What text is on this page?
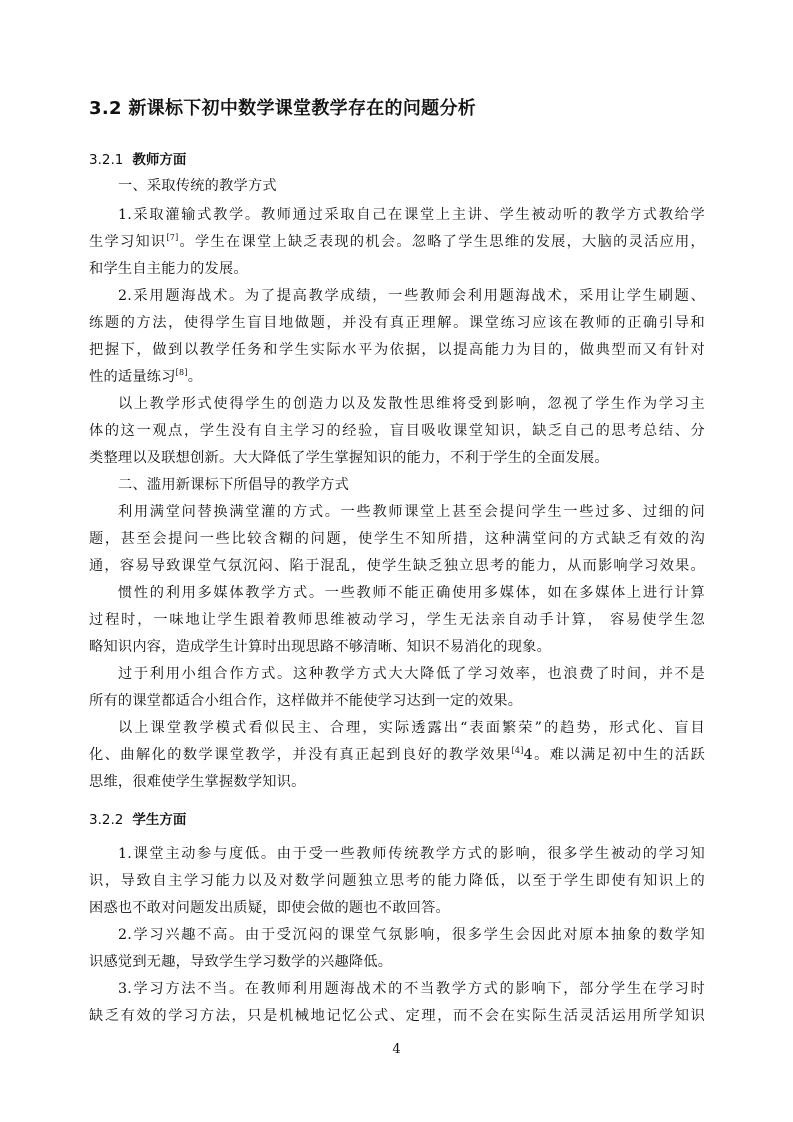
3.2 新课标下初中数学课堂教学存在的问题分析
3.2.1 教师方面
一、采取传统的教学方式
1.采取灌输式教学。教师通过采取自己在课堂上主讲、学生被动听的教学方式教给学
生学习知识[7]。学生在课堂上缺乏表现的机会。忽略了学生思维的发展，大脑的灵活应用，
和学生自主能力的发展。
2.采用题海战术。为了提高教学成绩，一些教师会利用题海战术，采用让学生刷题、
练题的方法，使得学生盲目地做题，并没有真正理解。课堂练习应该在教师的正确引导和
把握下，做到以教学任务和学生实际水平为依据，以提高能力为目的，做典型而又有针对
性的适量练习[8]。
以上教学形式使得学生的创造力以及发散性思维将受到影响，忽视了学生作为学习主
体的这一观点，学生没有自主学习的经验，盲目吸收课堂知识，缺乏自己的思考总结、分
类整理以及联想创新。大大降低了学生掌握知识的能力，不利于学生的全面发展。
二、滥用新课标下所倡导的教学方式
利用满堂问替换满堂灌的方式。一些教师课堂上甚至会提问学生一些过多、过细的问
题，甚至会提问一些比较含糊的问题，使学生不知所措，这种满堂问的方式缺乏有效的沟
通，容易导致课堂气氛沉闷、陷于混乱，使学生缺乏独立思考的能力，从而影响学习效果。
惯性的利用多媒体教学方式。一些教师不能正确使用多媒体，如在多媒体上进行计算
过程时，一味地让学生跟着教师思维被动学习，学生无法亲自动手计算， 容易使学生忽
略知识内容，造成学生计算时出现思路不够清晰、知识不易消化的现象。
过于利用小组合作方式。这种教学方式大大降低了学习效率，也浪费了时间，并不是
所有的课堂都适合小组合作，这样做并不能使学习达到一定的效果。
以上课堂教学模式看似民主、合理，实际透露出“表面繁荣”的趋势，形式化、盲目
化、曲解化的数学课堂教学，并没有真正起到良好的教学效果[4]4。难以满足初中生的活跃
思维，很难使学生掌握数学知识。
3.2.2 学生方面
1.课堂主动参与度低。由于受一些教师传统教学方式的影响，很多学生被动的学习知
识，导致自主学习能力以及对数学问题独立思考的能力降低，以至于学生即使有知识上的
困惑也不敢对问题发出质疑，即使会做的题也不敢回答。
2.学习兴趣不高。由于受沉闷的课堂气氛影响，很多学生会因此对原本抽象的数学知
识感觉到无趣，导致学生学习数学的兴趣降低。
3.学习方法不当。在教师利用题海战术的不当教学方式的影响下，部分学生在学习时
缺乏有效的学习方法，只是机械地记忆公式、定理，而不会在实际生活灵活运用所学知识
4
